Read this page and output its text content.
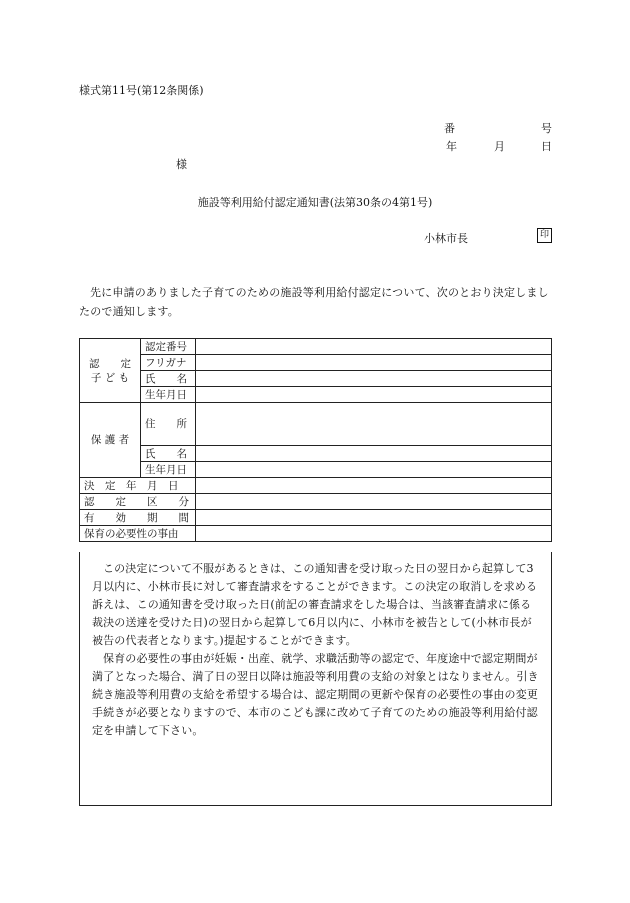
様式第11号(第12条関係)
番	号
年	月	日
様
施設等利用給付認定通知書(法第30条の4第1号)
小林市長	印
先に申請のありました子育てのための施設等利用給付認定について、次のとおり決定しましたので通知します。
認　　定
子 ど も	認定番号	
	フリガナ	
	氏　　名	
	生年月日	
保 護 者	住　　所	
	氏　　名	
	生年月日	
決　定　年　月　日		
認　　定　　区　　分		
有　　効　　期　　間		
保育の必要性の事由		

この決定について不服があるときは、この通知書を受け取った日の翌日から起算して3月以内に、小林市長に対して審査請求をすることができます。この決定の取消しを求める訴えは、この通知書を受け取った日(前記の審査請求をした場合は、当該審査請求に係る裁決の送達を受けた日)の翌日から起算して6月以内に、小林市を被告として(小林市長が被告の代表者となります。)提起することができます。

保育の必要性の事由が妊娠・出産、就学、求職活動等の認定で、年度途中で認定期間が満了となった場合、満了日の翌日以降は施設等利用費の支給の対象とはなりません。引き続き施設等利用費の支給を希望する場合は、認定期間の更新や保育の必要性の事由の変更手続きが必要となりますので、本市のこども課に改めて子育てのための施設等利用給付認定を申請して下さい。
